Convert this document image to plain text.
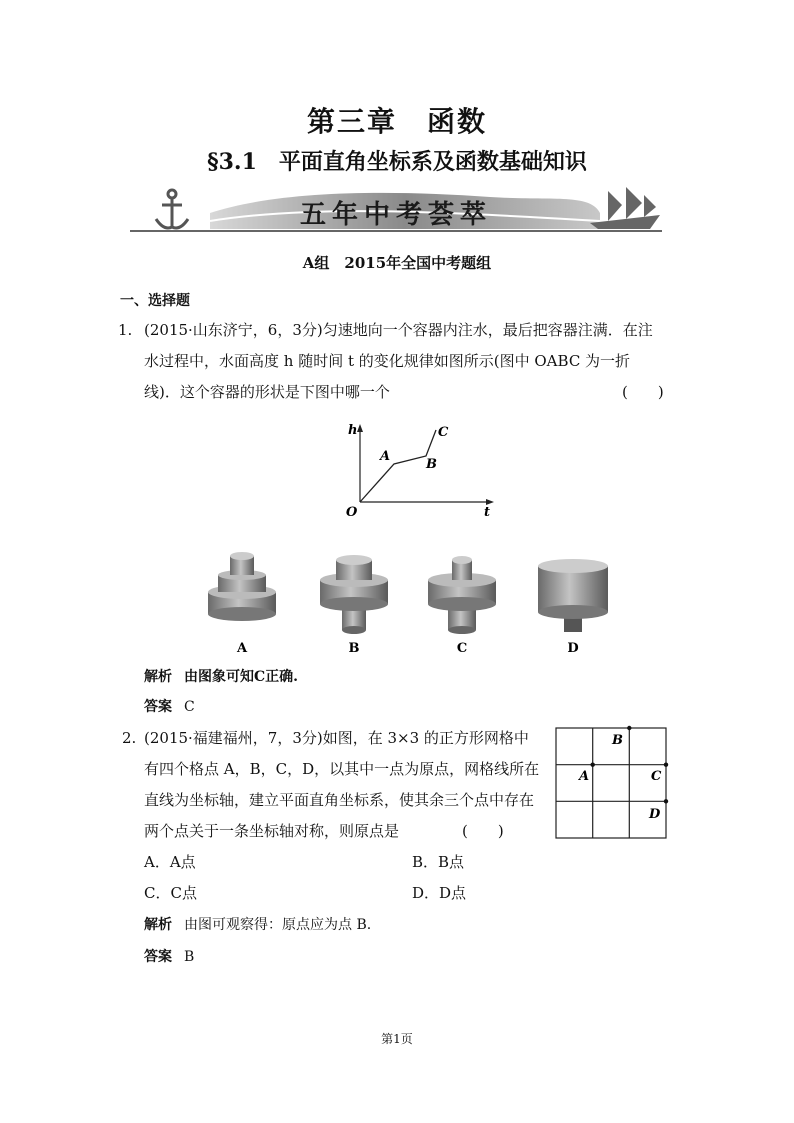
第三章　函数
§3.1　平面直角坐标系及函数基础知识
五年中考荟萃
A组　2015年全国中考题组
一、选择题
1. (2015·山东济宁，6，3分)匀速地向一个容器内注水，最后把容器注满．在注
水过程中，水面高度 h 随时间 t 的变化规律如图所示(图中 OABC 为一折
线)．这个容器的形状是下图中哪一个	(　　)
h
t
O
A
B
C
A	B	C	D
解析 由图象可知C正确.
答案 C
2. (2015·福建福州，7，3分)如图，在 3×3 的正方形网格中
有四个格点 A，B，C，D，以其中一点为原点，网格线所在
直线为坐标轴，建立平面直角坐标系，使其余三个点中存在
两个点关于一条坐标轴对称，则原点是	(　　)
B
A	C
D
A．A点	B．B点
C．C点	D．D点
解析 由图可观察得：原点应为点 B.
答案 B
第1页
